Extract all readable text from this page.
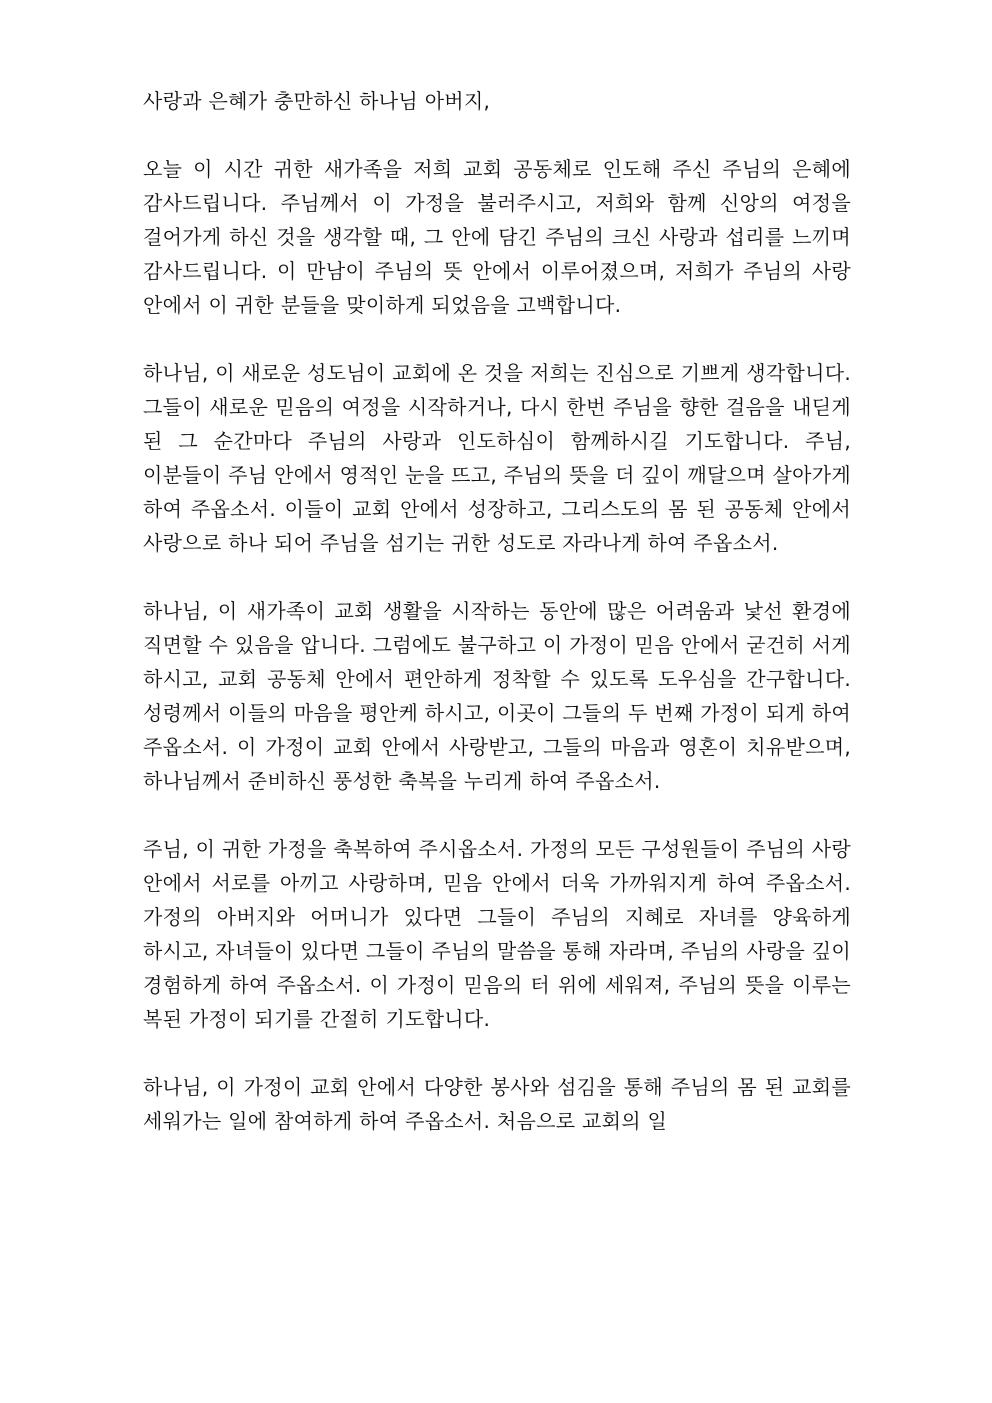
사랑과 은혜가 충만하신 하나님 아버지,

오늘 이 시간 귀한 새가족을 저희 교회 공동체로 인도해 주신 주님의 은혜에 감사드립니다. 주님께서 이 가정을 불러주시고, 저희와 함께 신앙의 여정을 걸어가게 하신 것을 생각할 때, 그 안에 담긴 주님의 크신 사랑과 섭리를 느끼며 감사드립니다. 이 만남이 주님의 뜻 안에서 이루어졌으며, 저희가 주님의 사랑 안에서 이 귀한 분들을 맞이하게 되었음을 고백합니다.

하나님, 이 새로운 성도님이 교회에 온 것을 저희는 진심으로 기쁘게 생각합니다. 그들이 새로운 믿음의 여정을 시작하거나, 다시 한번 주님을 향한 걸음을 내딛게 된 그 순간마다 주님의 사랑과 인도하심이 함께하시길 기도합니다. 주님, 이분들이 주님 안에서 영적인 눈을 뜨고, 주님의 뜻을 더 깊이 깨달으며 살아가게 하여 주옵소서. 이들이 교회 안에서 성장하고, 그리스도의 몸 된 공동체 안에서 사랑으로 하나 되어 주님을 섬기는 귀한 성도로 자라나게 하여 주옵소서.

하나님, 이 새가족이 교회 생활을 시작하는 동안에 많은 어려움과 낯선 환경에 직면할 수 있음을 압니다. 그럼에도 불구하고 이 가정이 믿음 안에서 굳건히 서게 하시고, 교회 공동체 안에서 편안하게 정착할 수 있도록 도우심을 간구합니다. 성령께서 이들의 마음을 평안케 하시고, 이곳이 그들의 두 번째 가정이 되게 하여 주옵소서. 이 가정이 교회 안에서 사랑받고, 그들의 마음과 영혼이 치유받으며, 하나님께서 준비하신 풍성한 축복을 누리게 하여 주옵소서.

주님, 이 귀한 가정을 축복하여 주시옵소서. 가정의 모든 구성원들이 주님의 사랑 안에서 서로를 아끼고 사랑하며, 믿음 안에서 더욱 가까워지게 하여 주옵소서. 가정의 아버지와 어머니가 있다면 그들이 주님의 지혜로 자녀를 양육하게 하시고, 자녀들이 있다면 그들이 주님의 말씀을 통해 자라며, 주님의 사랑을 깊이 경험하게 하여 주옵소서. 이 가정이 믿음의 터 위에 세워져, 주님의 뜻을 이루는 복된 가정이 되기를 간절히 기도합니다.

하나님, 이 가정이 교회 안에서 다양한 봉사와 섬김을 통해 주님의 몸 된 교회를 세워가는 일에 참여하게 하여 주옵소서. 처음으로 교회의 일
